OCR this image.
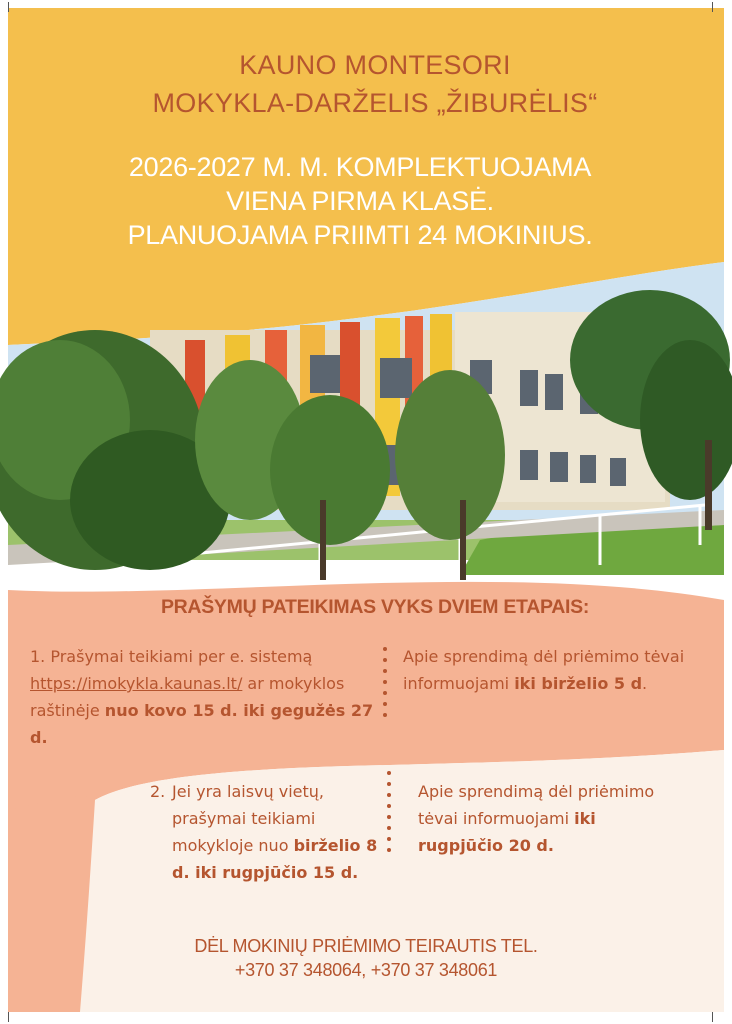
KAUNO MONTESORI
MOKYKLA-DARŽELIS „ŽIBURĖLIS“
2026-2027 M. M. KOMPLEKTUOJAMA
VIENA PIRMA KLASĖ.
PLANUOJAMA PRIIMTI 24 MOKINIUS.
PRAŠYMŲ PATEIKIMAS VYKS DVIEM ETAPAIS:
1. Prašymai teikiami per e. sistemą https://imokykla.kaunas.lt/ ar mokyklos raštinėje nuo kovo 15 d. iki gegužės 27 d.
Apie sprendimą dėl priėmimo tėvai informuojami iki birželio 5 d.
2. Jei yra laisvų vietų, prašymai teikiami mokykloje nuo birželio 8 d. iki rugpjūčio 15 d.
Apie sprendimą dėl priėmimo tėvai informuojami iki rugpjūčio 20 d.
DĖL MOKINIŲ PRIĖMIMO TEIRAUTIS TEL.
+370 37 348064, +370 37 348061
